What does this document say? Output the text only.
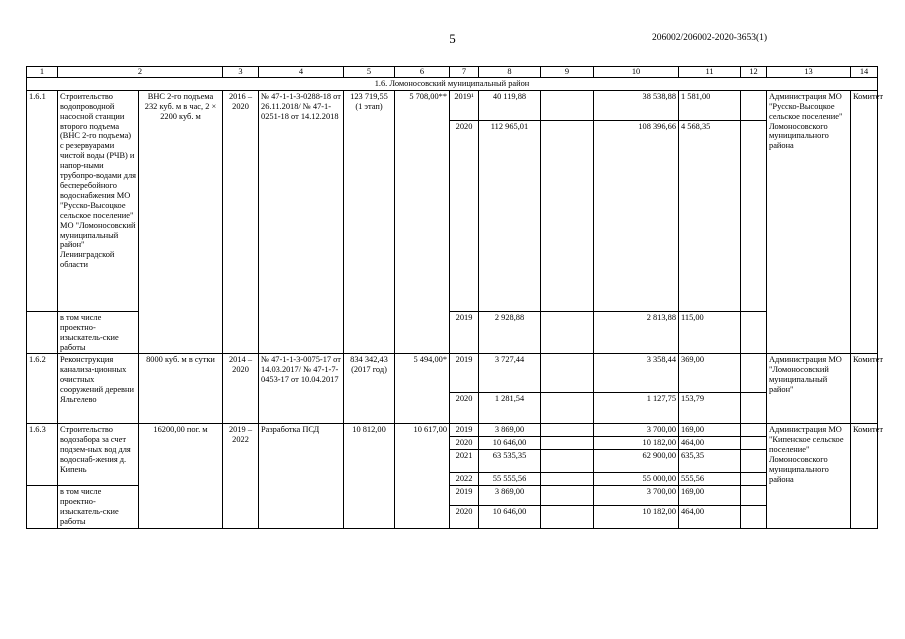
5	206002/206002-2020-3653(1)
1	2		3	4	5	6	7	8	9	10	11	12	13	14
1.6. Ломоносовский муниципальный район														
1.6.1	Строительство водопроводной насосной станции второго подъема (ВНС 2-го подъема) с резервуарами чистой воды (РЧВ) и напор-ными трубопро-водами для бесперебойного водоснабжения МО "Русско-Высоцкое сельское поселение" МО "Ломоносовский муниципальный район" Ленинградской области	ВНС 2-го подъема 232 куб. м в час, 2 × 2200 куб. м	2016 – 2020	№ 47-1-1-3-0288-18 от 26.11.2018/ № 47-1-0251-18 от 14.12.2018	123 719,55 (1 этап)	5 708,00**	2019¹	40 119,88		38 538,88	1 581,00		Администрация МО "Русско-Высоцкое сельское поселение" Ломоносовского муниципального района	Комитет
							2020	112 965,01		108 396,66	4 568,35			
	в том числе проектно-изыскатель-ские работы						2019	2 928,88		2 813,88	115,00			
1.6.2	Реконструкция канализа-ционных очистных сооружений деревни Яльгелево	8000 куб. м в сутки	2014 – 2020	№ 47-1-1-3-0075-17 от 14.03.2017/ № 47-1-7-0453-17 от 10.04.2017	834 342,43 (2017 год)	5 494,00*	2019	3 727,44		3 358,44	369,00		Администрация МО "Ломоносовский муниципальный район"	Комитет
							2020	1 281,54		1 127,75	153,79			
1.6.3	Строительство водозабора за счет подзем-ных вод для водоснаб-жения д. Кипень	16200,00 пог. м	2019 – 2022	Разработка ПСД	10 812,00	10 617,00	2019	3 869,00		3 700,00	169,00		Администрация МО "Кипенское сельское поселение" Ломоносовского муниципального района	Комитет
							2020	10 646,00		10 182,00	464,00			
							2021	63 535,35		62 900,00	635,35			
							2022	55 555,56		55 000,00	555,56			
	в том числе проектно-изыскатель-ские работы						2019	3 869,00		3 700,00	169,00			
							2020	10 646,00		10 182,00	464,00			
